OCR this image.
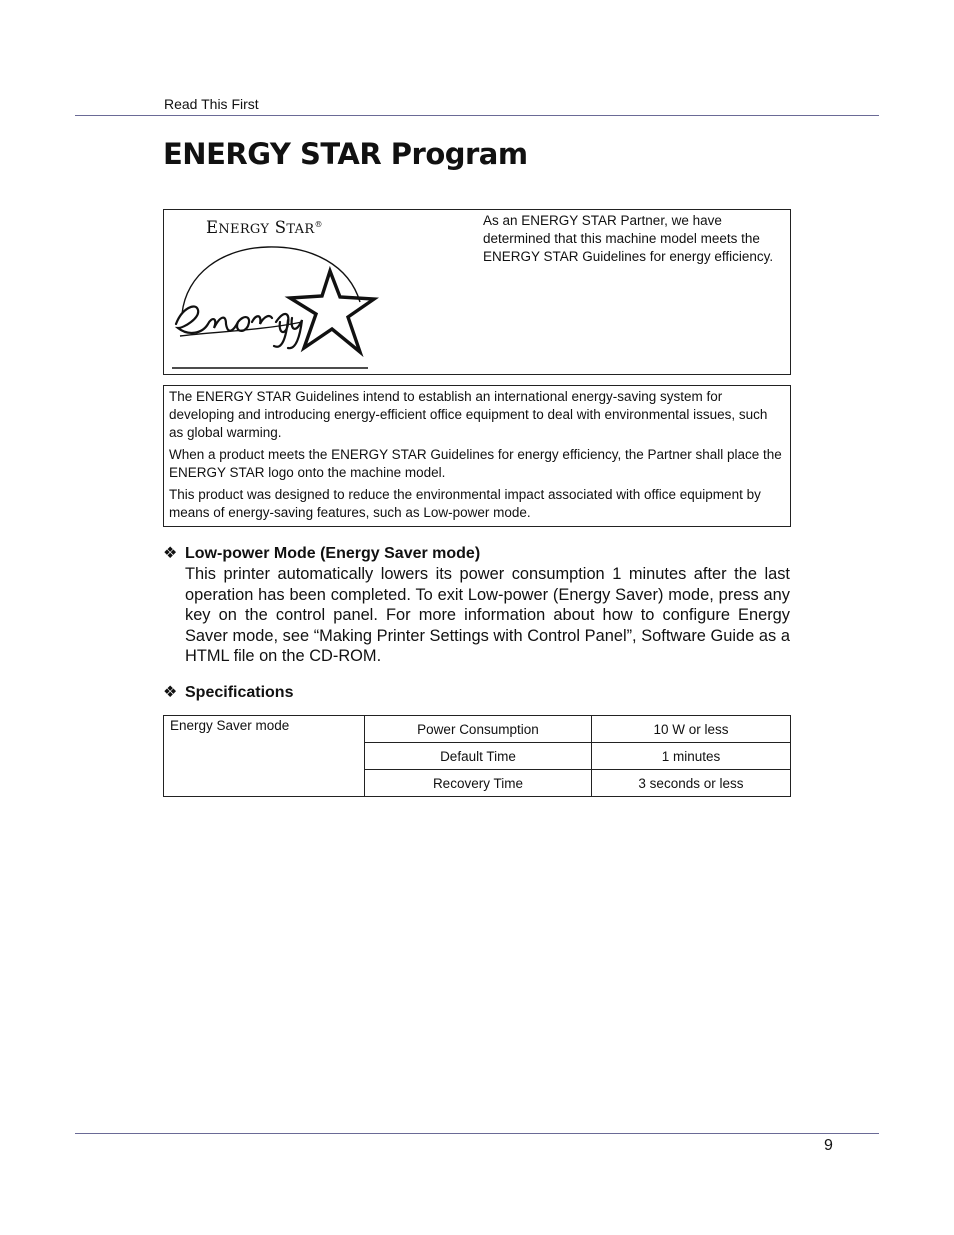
Read This First
ENERGY STAR Program
ENERGY STAR®	As an ENERGY STAR Partner, we have determined that this machine model meets the ENERGY STAR Guidelines for energy efficiency.

The ENERGY STAR Guidelines intend to establish an international energy-saving system for developing and introducing energy-efficient office equipment to deal with environmental issues, such as global warming.

When a product meets the ENERGY STAR Guidelines for energy efficiency, the Partner shall place the ENERGY STAR logo onto the machine model.

This product was designed to reduce the environmental impact associated with office equipment by means of energy-saving features, such as Low-power mode.

❖ Low-power Mode (Energy Saver mode)

This printer automatically lowers its power consumption 1 minutes after the last operation has been completed. To exit Low-power (Energy Saver) mode, press any key on the control panel. For more information about how to configure Energy Saver mode, see “Making Printer Settings with Control Panel”, Software Guide as a HTML file on the CD-ROM.

❖ Specifications
Energy Saver mode	Power Consumption	10 W or less
	Default Time	1 minutes
	Recovery Time	3 seconds or less
9
